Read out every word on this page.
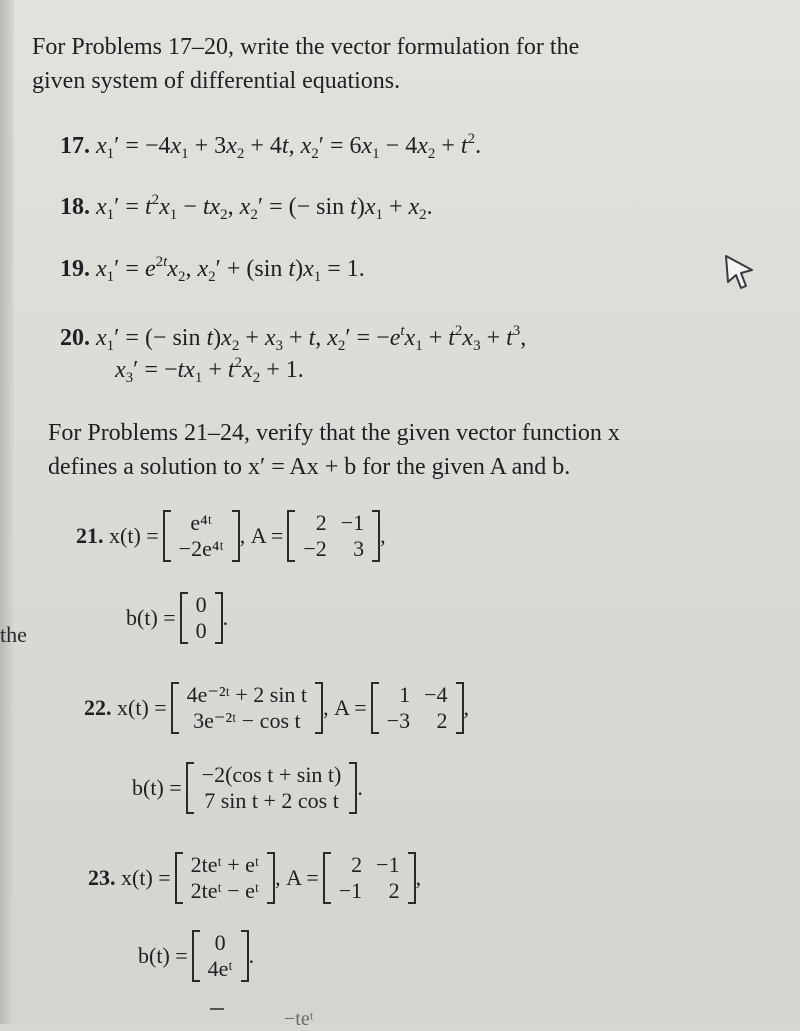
the
For Problems 17–20, write the vector formulation for the
given system of differential equations.
17. $x_1' = -4x_1 + 3x_2 + 4t$, $x_2' = 6x_1 - 4x_2 + t^2$.
18. $x_1' = t^2x_1 - tx_2$, $x_2'$ = (− $\sin t)x_1 + x_2$.
19. $x_1' = e^{2t}x_2$, $x_2' + (\sin$ $t)x_1 = 1$.
20. $x_1'$ = (− $\sin t)x_2 + x_3 + t$, $x_2' = -e^tx_1 + t^2x_3 + t^3$,
$x_3' = -tx_1 + t^2x_2 + 1$.
For Problems 21–24, verify that the given vector function x
defines a solution to x′ = Ax + b for the given A and b.
21.
x(t) =
e⁴ᵗ
−2e⁴ᵗ
, A =
2 −1
−2	3
,
b(t) =
0
0
.
22.
x(t) =
4e⁻²ᵗ + 2 sin t
3e⁻²ᵗ − cos t
, A =
1 −4
−3	2
,
b(t) =
−2(cos t + sin t)
7 sin t + 2 cos t
.
23.
x(t) =
2teᵗ + eᵗ
2teᵗ − eᵗ
, A =
2 −1
−1	2
,
b(t) =
0
4eᵗ
.
−teᵗ
